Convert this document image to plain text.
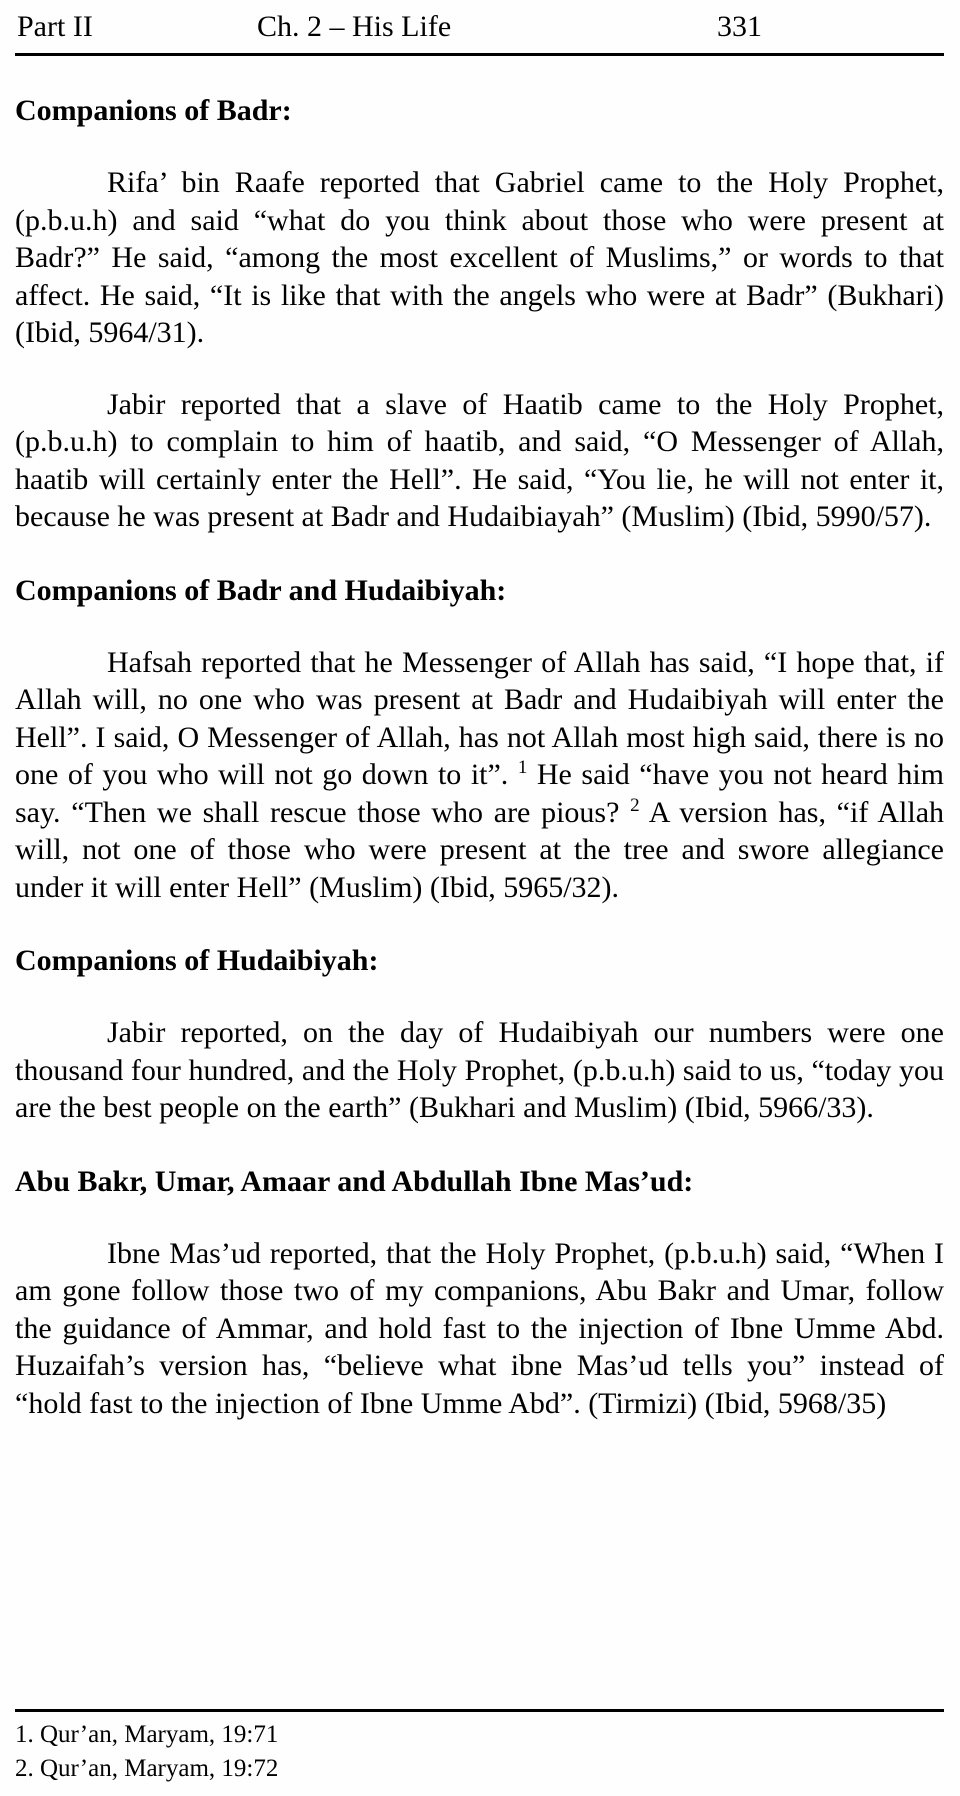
Part II	Ch. 2 – His Life	331
Companions of Badr:

Rifa’ bin Raafe reported that Gabriel came to the Holy Prophet, (p.b.u.h) and said “what do you think about those who were present at Badr?” He said, “among the most excellent of Muslims,” or words to that affect. He said, “It is like that with the angels who were at Badr” (Bukhari) (Ibid, 5964/31).

Jabir reported that a slave of Haatib came to the Holy Prophet, (p.b.u.h) to complain to him of haatib, and said, “O Messenger of Allah, haatib will certainly enter the Hell”. He said, “You lie, he will not enter it, because he was present at Badr and Hudaibiayah” (Muslim) (Ibid, 5990/57).

Companions of Badr and Hudaibiyah:

Hafsah reported that he Messenger of Allah has said, “I hope that, if Allah will, no one who was present at Badr and Hudaibiyah will enter the Hell”. I said, O Messenger of Allah, has not Allah most high said, there is no one of you who will not go down to it”. $^1$ He said “have you not heard him say. “Then we shall rescue those who are pious? $^2$ A version has, “if Allah will, not one of those who were present at the tree and swore allegiance under it will enter Hell” (Muslim) (Ibid, 5965/32).

Companions of Hudaibiyah:

Jabir reported, on the day of Hudaibiyah our numbers were one thousand four hundred, and the Holy Prophet, (p.b.u.h) said to us, “today you are the best people on the earth” (Bukhari and Muslim) (Ibid, 5966/33).

Abu Bakr, Umar, Amaar and Abdullah Ibne Mas’ud:

Ibne Mas’ud reported, that the Holy Prophet, (p.b.u.h) said, “When I am gone follow those two of my companions, Abu Bakr and Umar, follow the guidance of Ammar, and hold fast to the injection of Ibne Umme Abd. Huzaifah’s version has, “believe what ibne Mas’ud tells you” instead of “hold fast to the injection of Ibne Umme Abd”. (Tirmizi) (Ibid, 5968/35)

1. Qur’an, Maryam, 19:71
2. Qur’an, Maryam, 19:72
